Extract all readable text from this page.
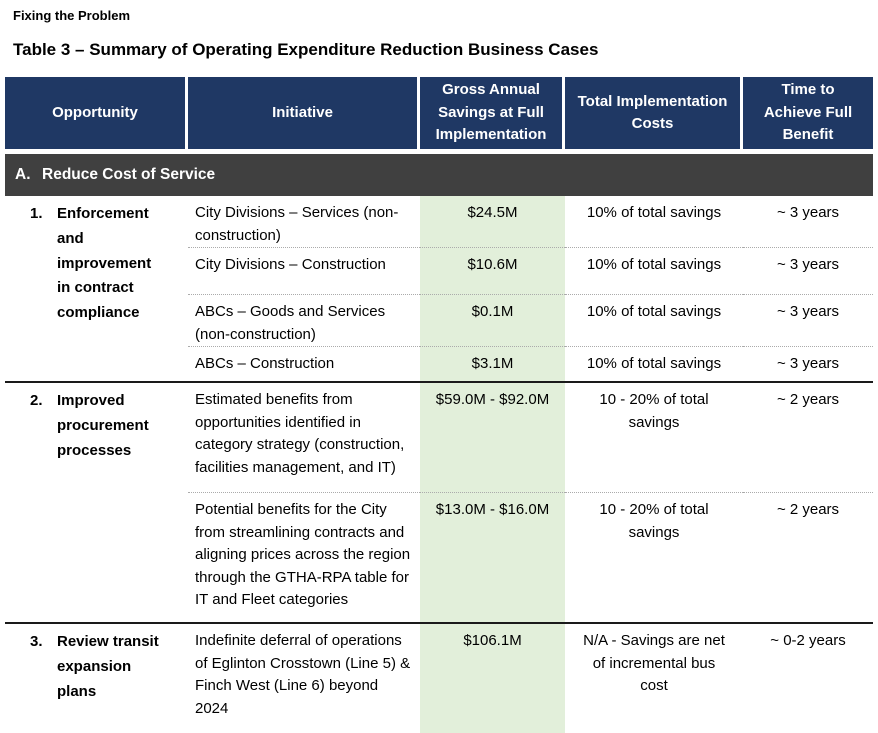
Fixing the Problem
Table 3 – Summary of Operating Expenditure Reduction Business Cases
Opportunity	Initiative	Gross Annual Savings at Full Implementation	Total Implementation Costs	Time to Achieve Full Benefit
A. Reduce Cost of Service				

1. Enforcement and improvement in contract compliance	City Divisions – Services (non-construction)	$24.5M	10% of total savings	~ 3 years
	City Divisions – Construction	$10.6M	10% of total savings	~ 3 years
	ABCs – Goods and Services (non-construction)	$0.1M	10% of total savings	~ 3 years
	ABCs – Construction	$3.1M	10% of total savings	~ 3 years

2. Improved procurement processes	Estimated benefits from opportunities identified in category strategy (construction, facilities management, and IT)	$59.0M - $92.0M	10 - 20% of total savings	~ 2 years
	Potential benefits for the City from streamlining contracts and aligning prices across the region through the GTHA-RPA table for IT and Fleet categories	$13.0M - $16.0M	10 - 20% of total savings	~ 2 years

3. Review transit expansion plans	Indefinite deferral of operations of Eglinton Crosstown (Line 5) & Finch West (Line 6) beyond 2024	$106.1M	N/A - Savings are net of incremental bus cost	~ 0-2 years
